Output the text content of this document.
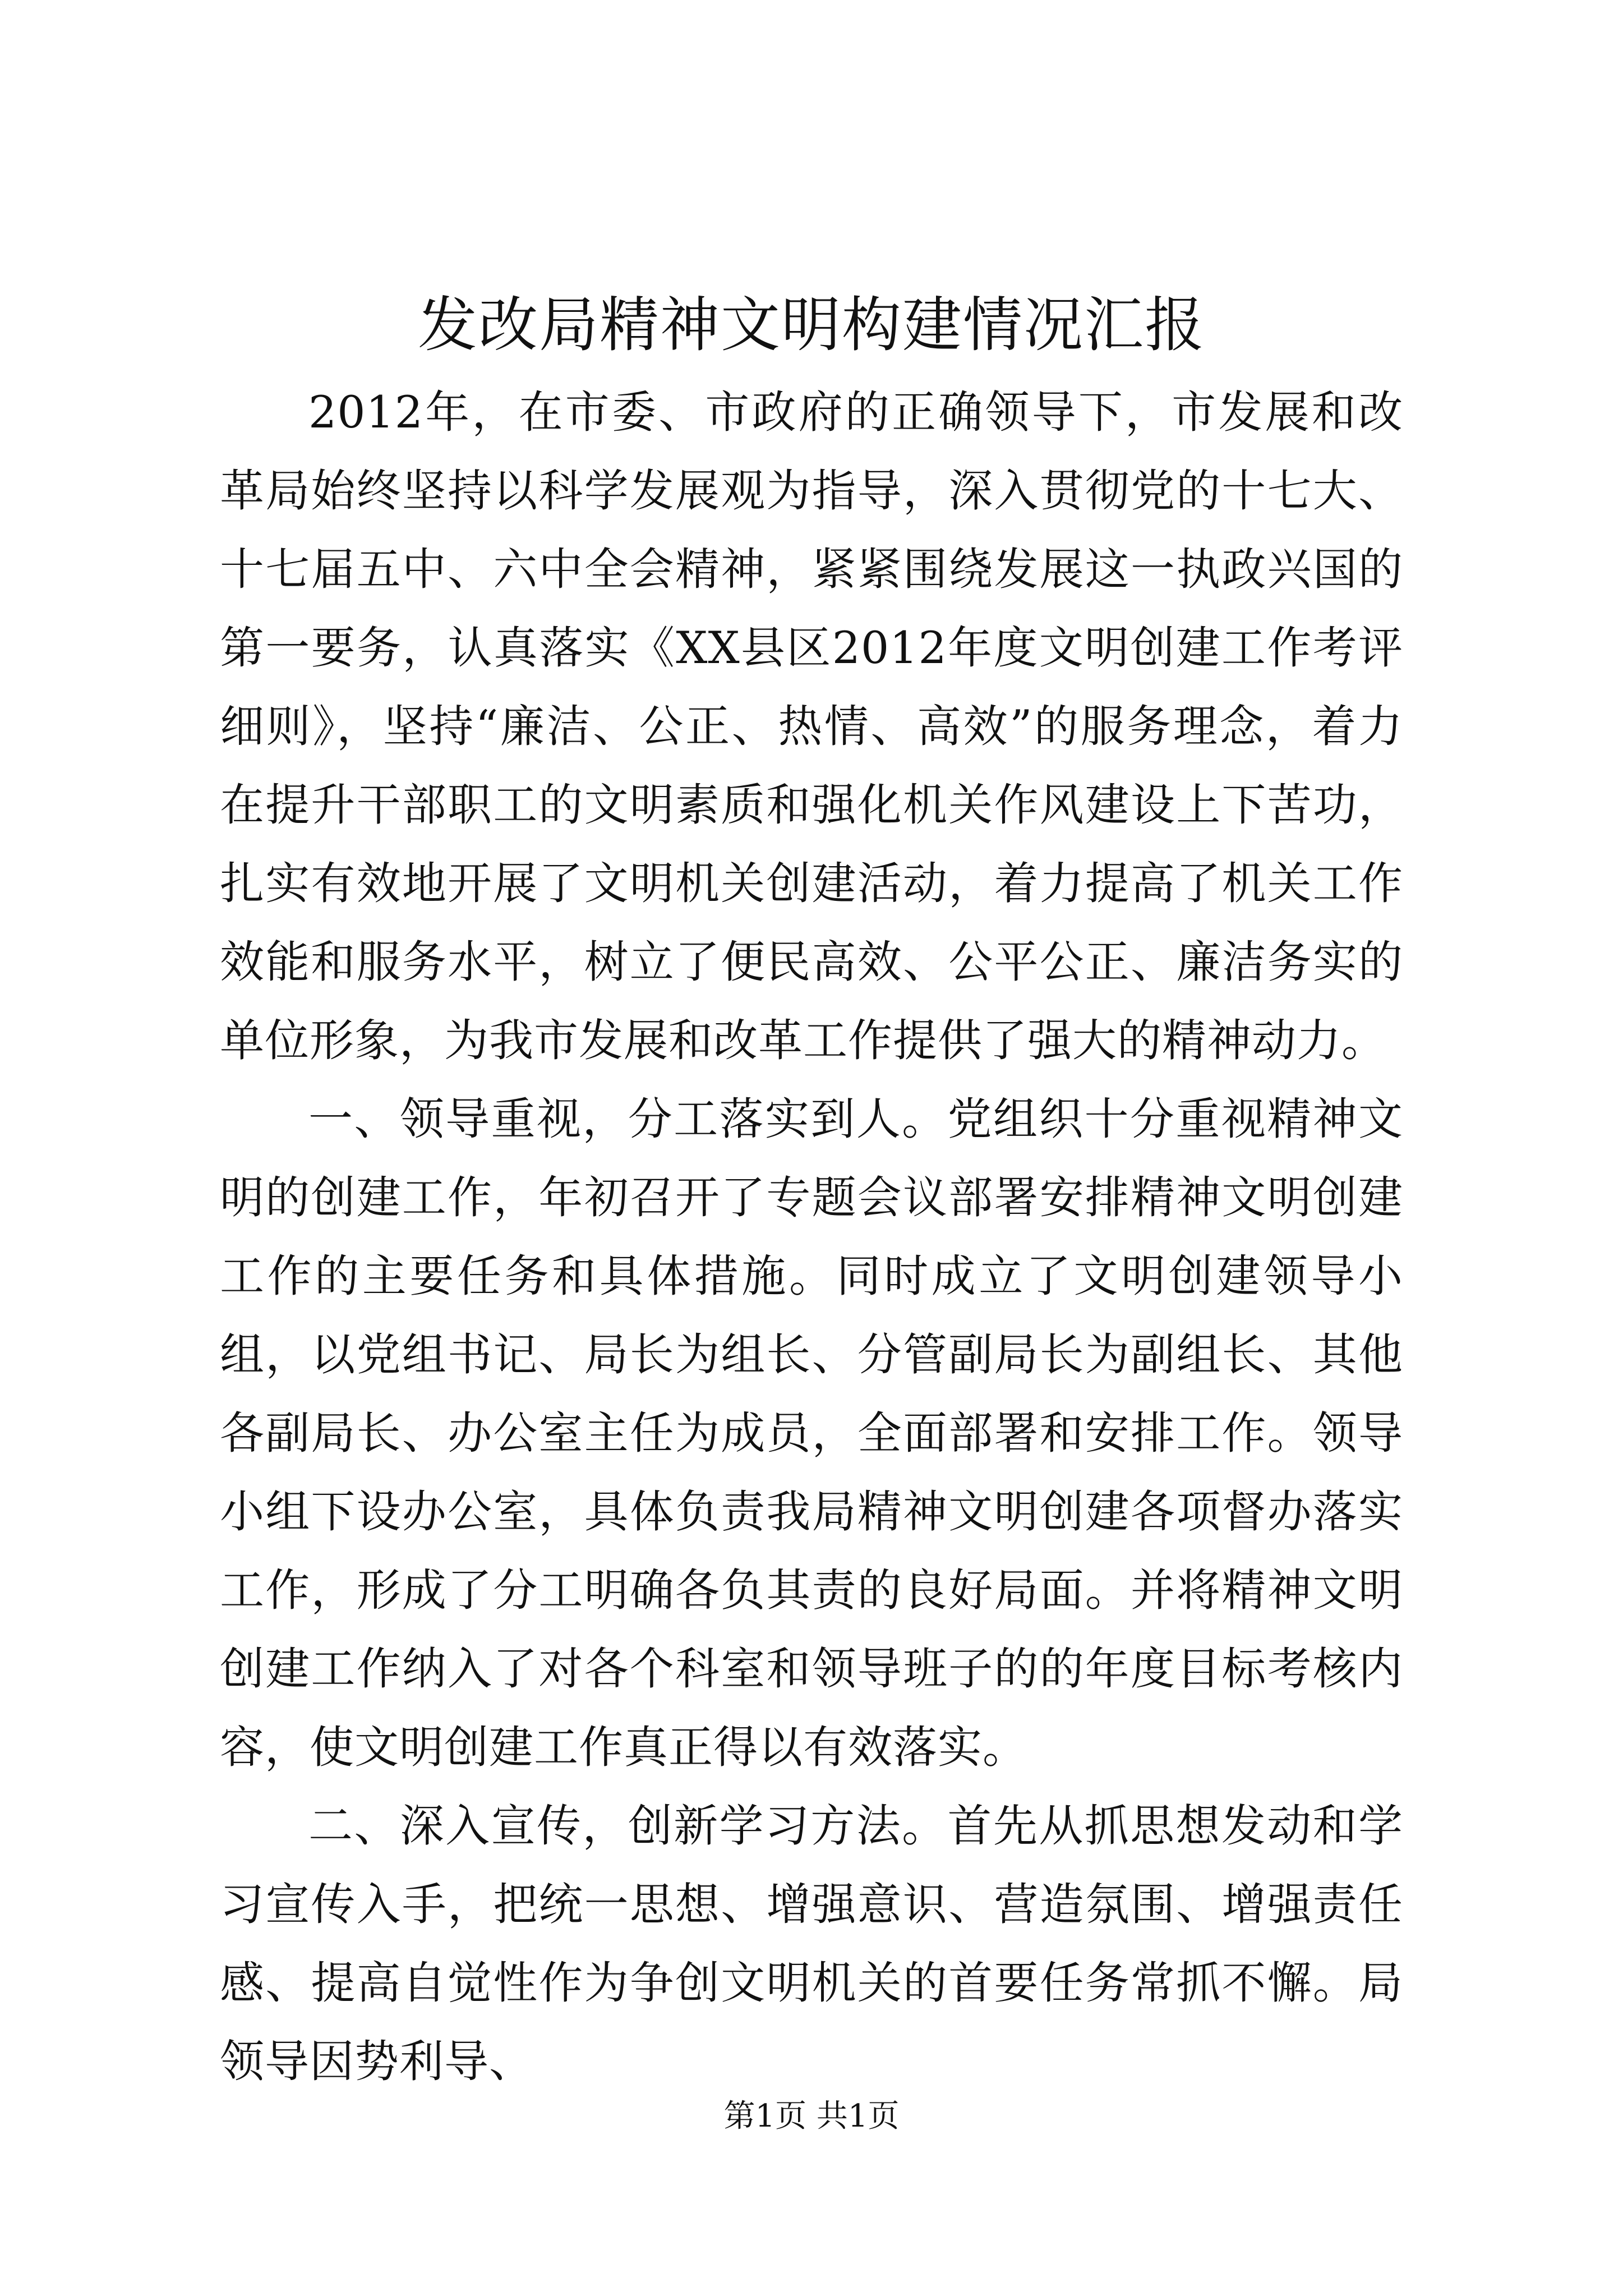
发改局精神文明构建情况汇报

2012年，在市委、市政府的正确领导下，市发展和改革局始终坚持以科学发展观为指导，深入贯彻党的十七大、十七届五中、六中全会精神，紧紧围绕发展这一执政兴国的第一要务，认真落实《XX县区2012年度文明创建工作考评细则》，坚持“廉洁、公正、热情、高效”的服务理念，着力在提升干部职工的文明素质和强化机关作风建设上下苦功，扎实有效地开展了文明机关创建活动，着力提高了机关工作效能和服务水平，树立了便民高效、公平公正、廉洁务实的单位形象，为我市发展和改革工作提供了强大的精神动力。

一、领导重视，分工落实到人。党组织十分重视精神文明的创建工作，年初召开了专题会议部署安排精神文明创建工作的主要任务和具体措施。同时成立了文明创建领导小组，以党组书记、局长为组长、分管副局长为副组长、其他各副局长、办公室主任为成员，全面部署和安排工作。领导小组下设办公室，具体负责我局精神文明创建各项督办落实工作，形成了分工明确各负其责的良好局面。并将精神文明创建工作纳入了对各个科室和领导班子的的年度目标考核内容，使文明创建工作真正得以有效落实。

二、深入宣传，创新学习方法。首先从抓思想发动和学习宣传入手，把统一思想、增强意识、营造氛围、增强责任感、提高自觉性作为争创文明机关的首要任务常抓不懈。局领导因势利导、

第1页 共1页
